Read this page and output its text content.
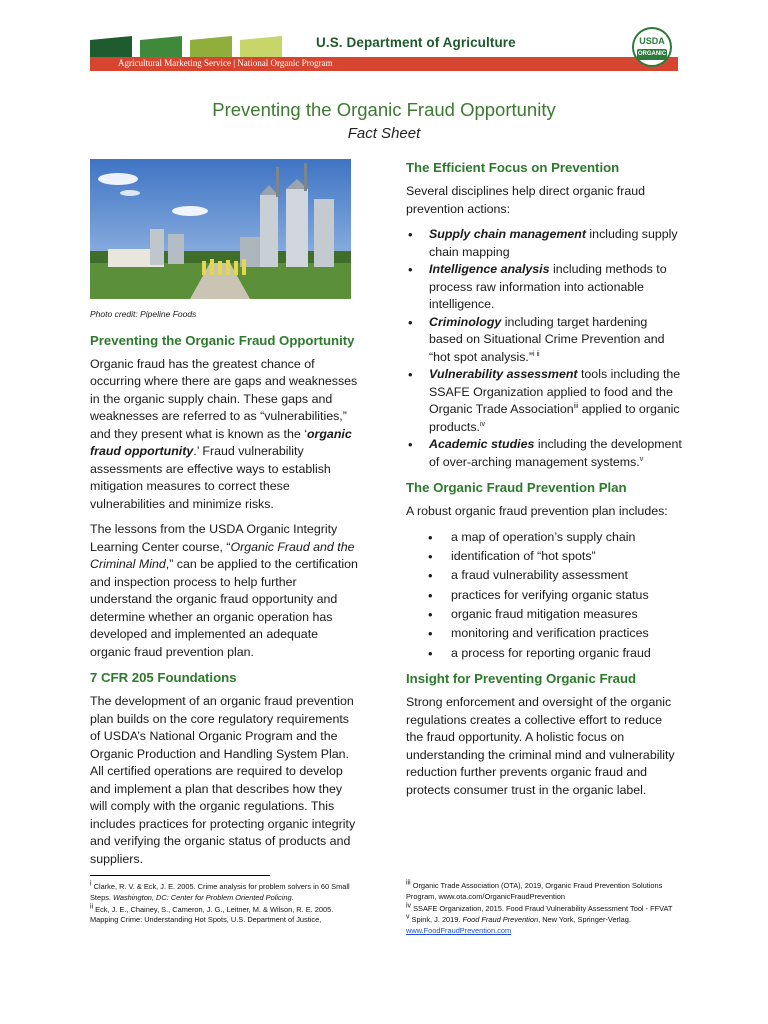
U.S. Department of Agriculture
Agricultural Marketing Service | National Organic Program
USDA
ORGANIC
Preventing the Organic Fraud Opportunity
Fact Sheet
Photo credit: Pipeline Foods
Preventing the Organic Fraud Opportunity

Organic fraud has the greatest chance of occurring where there are gaps and weaknesses in the organic supply chain. These gaps and weaknesses are referred to as “vulnerabilities,” and they present what is known as the ‘organic fraud opportunity.’ Fraud vulnerability assessments are effective ways to establish mitigation measures to correct these vulnerabilities and minimize risks.

The lessons from the USDA Organic Integrity Learning Center course, “Organic Fraud and the Criminal Mind,” can be applied to the certification and inspection process to help further understand the organic fraud opportunity and determine whether an organic operation has developed and implemented an adequate organic fraud prevention plan.

7 CFR 205 Foundations

The development of an organic fraud prevention plan builds on the core regulatory requirements of USDA’s National Organic Program and the Organic Production and Handling System Plan. All certified operations are required to develop and implement a plan that describes how they will comply with the organic regulations. This includes practices for protecting organic integrity and verifying the organic status of products and suppliers.

The Efficient Focus on Prevention

Several disciplines help direct organic fraud prevention actions:

• Supply chain management including supply chain mapping
• Intelligence analysis including methods to process raw information into actionable intelligence.
• Criminology including target hardening based on Situational Crime Prevention and “hot spot analysis.”$^{i ii}$
• Vulnerability assessment tools including the SSAFE Organization applied to food and the Organic Trade Association$^{iii}$ applied to organic products.$^{iv}$
• Academic studies including the development of over-arching management systems.$^v$
The Organic Fraud Prevention Plan

A robust organic fraud prevention plan includes:

• a map of operation’s supply chain
• identification of “hot spots”
• a fraud vulnerability assessment
• practices for verifying organic status
• organic fraud mitigation measures
• monitoring and verification practices
• a process for reporting organic fraud
Insight for Preventing Organic Fraud

Strong enforcement and oversight of the organic regulations creates a collective effort to reduce the fraud opportunity. A holistic focus on understanding the criminal mind and vulnerability reduction further prevents organic fraud and protects consumer trust in the organic label.

$^i$ Clarke, R. V. & Eck, J. E. 2005. Crime analysis for problem solvers in 60 Small Steps. Washington, DC: Center for Problem Oriented Policing.

$^{ii}$ Eck, J. E., Chainey, S., Cameron, J. G., Leitner, M. & Wilson, R. E. 2005. Mapping Crime: Understanding Hot Spots, U.S. Department of Justice,

$^{iii}$ Organic Trade Association (OTA), 2019, Organic Fraud Prevention Solutions Program, www.ota.com/OrganicFraudPrevention

$^{iv}$ SSAFE Organization, 2015. Food Fraud Vulnerability Assessment Tool - FFVAT

$^v$ Spink, J. 2019. Food Fraud Prevention, New York, Springer-Verlag.
www.FoodFraudPrevention.com
